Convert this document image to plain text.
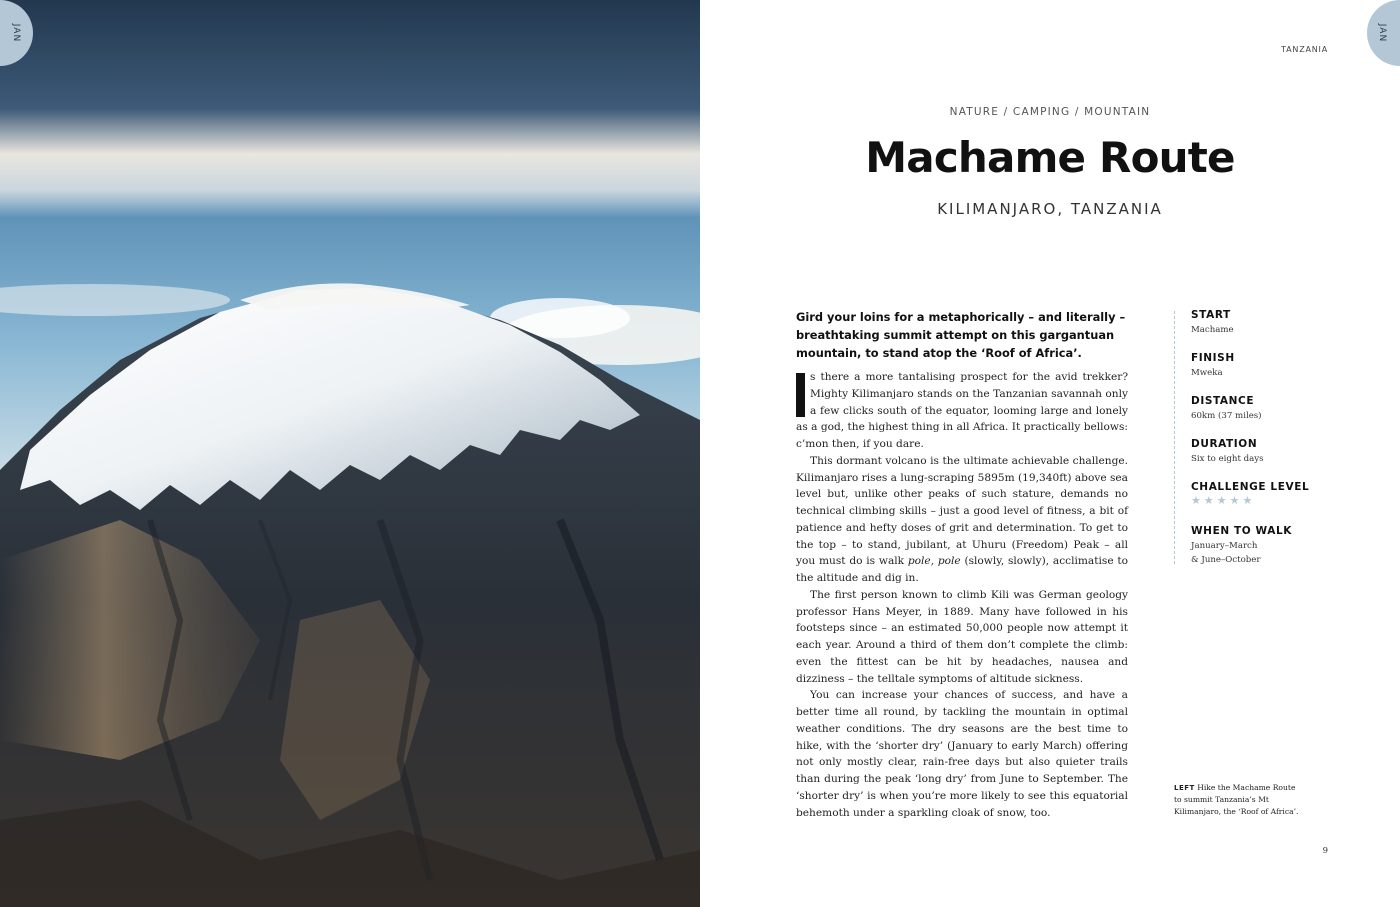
JAN	JAN
TANZANIA
NATURE / CAMPING / MOUNTAIN
Machame Route
KILIMANJARO, TANZANIA
Gird your loins for a metaphorically – and literally – breathtaking summit attempt on this gargantuan mountain, to stand atop the ‘Roof of Africa’.

s there a more tantalising prospect for the avid trekker? Mighty Kilimanjaro stands on the Tanzanian savannah only a few clicks south of the equator, looming large and lonely as a god, the highest thing in all Africa. It practically bellows: c’mon then, if you dare.

This dormant volcano is the ultimate achievable challenge. Kilimanjaro rises a lung-scraping 5895m (19,340ft) above sea level but, unlike other peaks of such stature, demands no technical climbing skills – just a good level of fitness, a bit of patience and hefty doses of grit and determination. To get to the top – to stand, jubilant, at Uhuru (Freedom) Peak – all you must do is walk pole, pole (slowly, slowly), acclimatise to the altitude and dig in.

The first person known to climb Kili was German geology professor Hans Meyer, in 1889. Many have followed in his footsteps since – an estimated 50,000 people now attempt it each year. Around a third of them don’t complete the climb: even the fittest can be hit by headaches, nausea and dizziness – the telltale symptoms of altitude sickness.

You can increase your chances of success, and have a better time all round, by tackling the mountain in optimal weather conditions. The dry seasons are the best time to hike, with the ‘shorter dry’ (January to early March) offering not only mostly clear, rain-free days but also quieter trails than during the peak ‘long dry’ from June to September. The ‘shorter dry’ is when you’re more likely to see this equatorial behemoth under a sparkling cloak of snow, too.

START
Machame
FINISH
Mweka
DISTANCE
60km (37 miles)
DURATION
Six to eight days
CHALLENGE LEVEL
★★★★★
WHEN TO WALK
January–March
& June–October
LEFT Hike the Machame Route to summit Tanzania’s Mt Kilimanjaro, the ‘Roof of Africa’.
9
